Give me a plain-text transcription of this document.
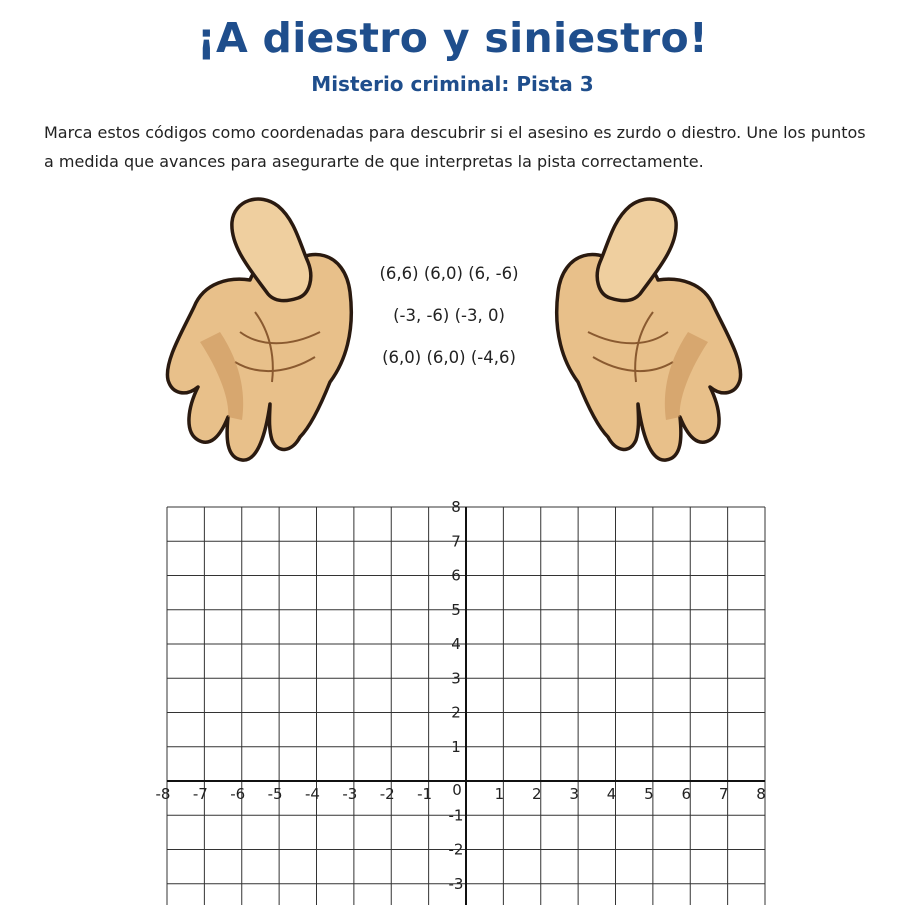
¡A diestro y siniestro!
Misterio criminal: Pista 3
Marca estos códigos como coordenadas para descubrir si el asesino es zurdo o diestro. Une los puntos a medida que avances para asegurarte de que interpretas la pista correctamente.
(6,6) (6,0) (6, -6)
(-3, -6) (-3, 0)
(6,0) (6,0) (-4,6)
-8 -7 -6 -5 -4 -3 -2 -1	1 2 3 4 5 6 7 8
0
8
7
6
5
4
3
2
1
-1
-2
-3
